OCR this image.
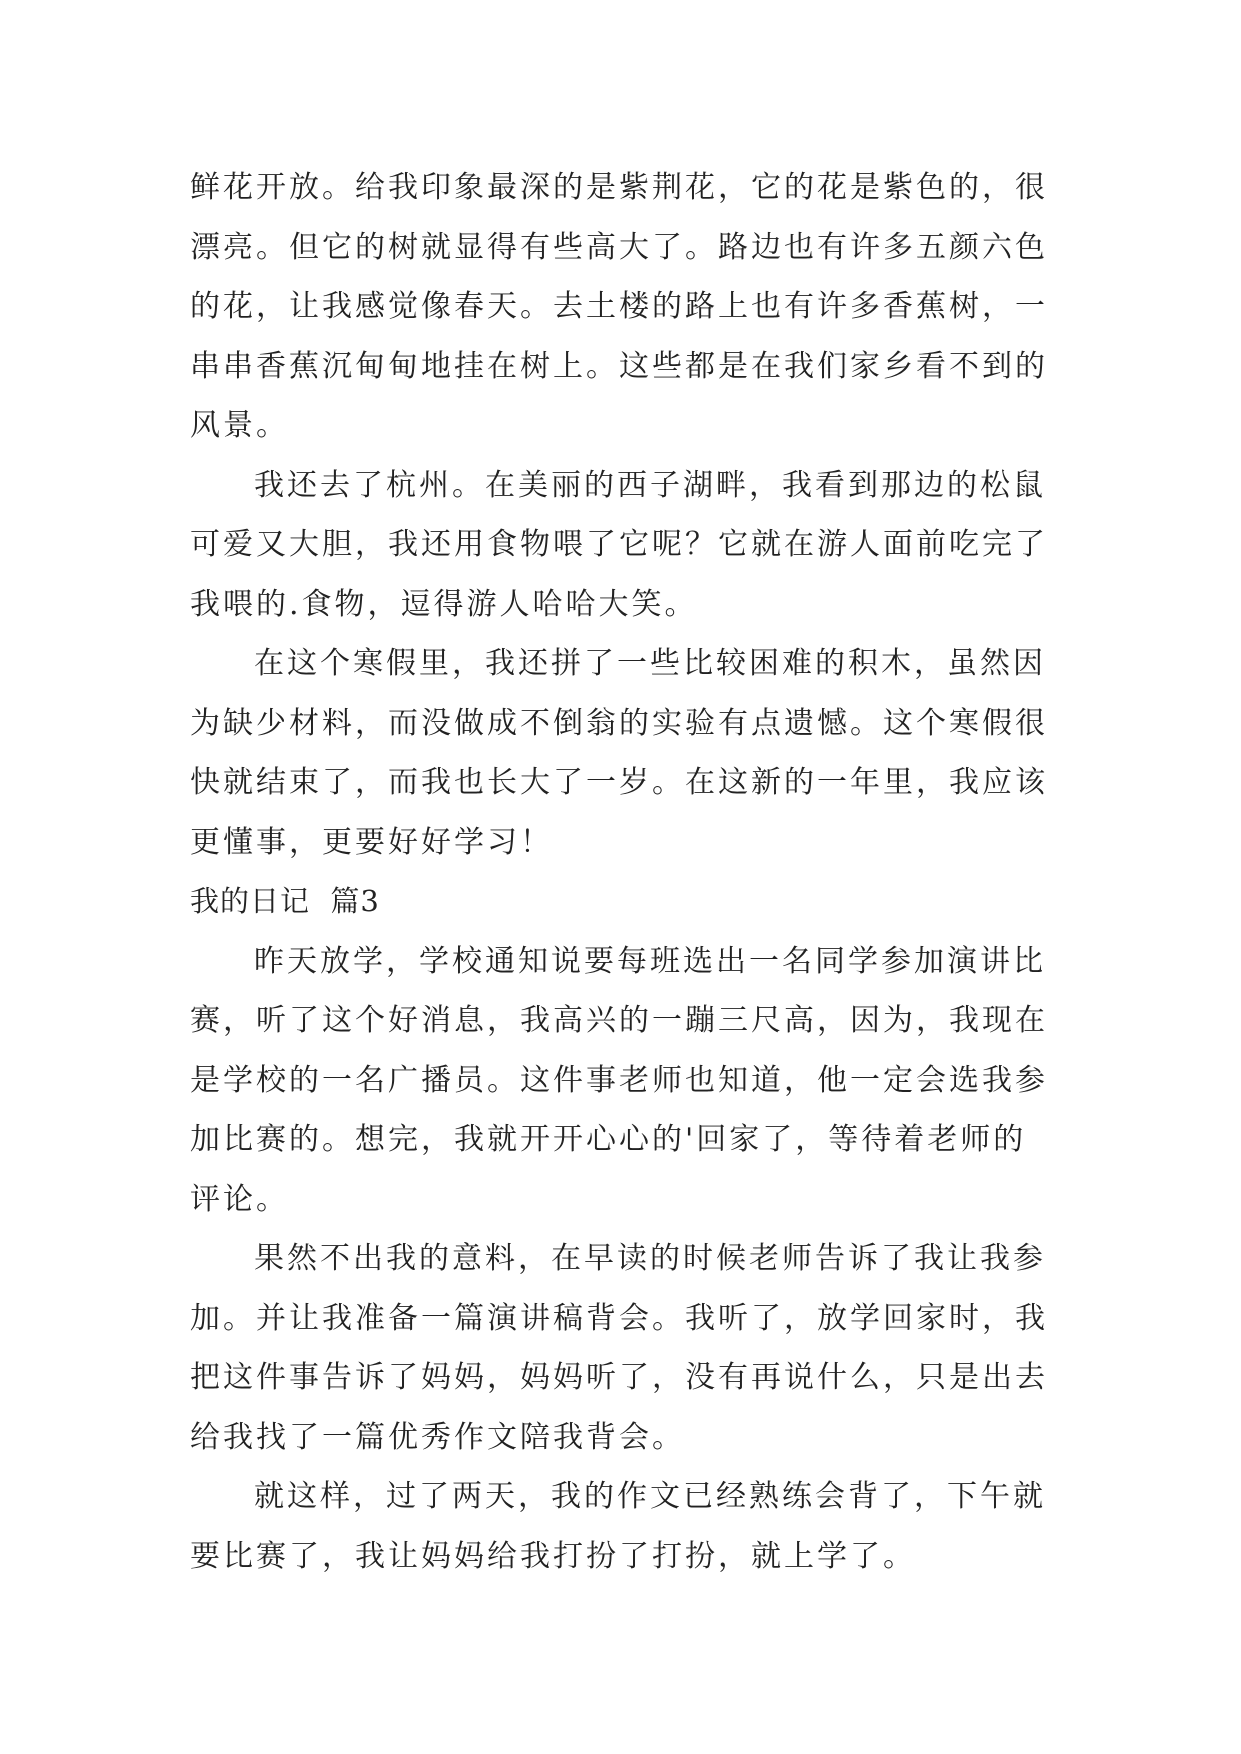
鲜花开放。给我印象最深的是紫荆花，它的花是紫色的，很
漂亮。但它的树就显得有些高大了。路边也有许多五颜六色
的花，让我感觉像春天。去土楼的路上也有许多香蕉树，一
串串香蕉沉甸甸地挂在树上。这些都是在我们家乡看不到的
风景。

我还去了杭州。在美丽的西子湖畔，我看到那边的松鼠
可爱又大胆，我还用食物喂了它呢？它就在游人面前吃完了
我喂的.食物，逗得游人哈哈大笑。

在这个寒假里，我还拼了一些比较困难的积木，虽然因
为缺少材料，而没做成不倒翁的实验有点遗憾。这个寒假很
快就结束了，而我也长大了一岁。在这新的一年里，我应该
更懂事，更要好好学习！

我的日记  篇3

昨天放学，学校通知说要每班选出一名同学参加演讲比
赛，听了这个好消息，我高兴的一蹦三尺高，因为，我现在
是学校的一名广播员。这件事老师也知道，他一定会选我参
加比赛的。想完，我就开开心心的'回家了，等待着老师的
评论。

果然不出我的意料，在早读的时候老师告诉了我让我参
加。并让我准备一篇演讲稿背会。我听了，放学回家时，我
把这件事告诉了妈妈，妈妈听了，没有再说什么，只是出去
给我找了一篇优秀作文陪我背会。

就这样，过了两天，我的作文已经熟练会背了，下午就
要比赛了，我让妈妈给我打扮了打扮，就上学了。
